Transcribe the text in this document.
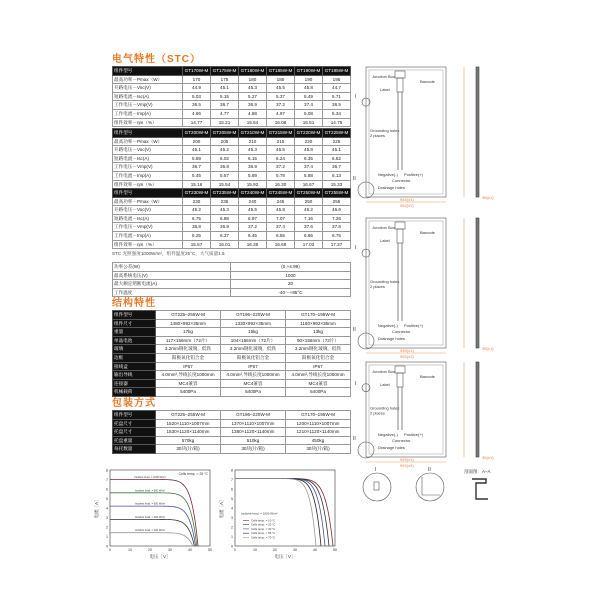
电气特性（STC）
组件型号	GT170W-M	GT175W-M	GT180W-M	GT185W-M	GT190W-M	GT195W-M
最高功率－Pmax（W）	170	175	180	185	190	195
开路电压－Voc(V)	44.9	45.1	45.3	45.5	45.8	44.7
短路电流－Isc(A)	5.03	5.15	5.27	5.37	5.49	5.71
工作电压－Vmp(V)	36.5	36.7	36.9	37.2	37.4	36.5
工作电流－Imp(A)	4.66	4.77	4.88	4.97	5.08	5.34
组件效率－ηm（%）	14.77	15.21	15.64	16.08	16.51	14.75
组件型号	GT200W-M	GT205W-M	GT210W-M	GT215W-M	GT220W-M	GT225W-M
最高功率－Pmax（W）	200	205	210	215	220	225
开路电压－Voc(V)	45.1	45.2	45.3	45.5	45.8	45.1
短路电流－Isc(A)	5.89	6.02	6.15	6.24	6.35	6.62
工作电压－Vmp(V)	36.7	36.8	36.9	37.2	37.4	36.7
工作电流－Imp(A)	5.45	5.57	5.69	5.78	5.88	6.13
组件效率－ηm（%）	15.16	15.54	15.92	16.30	16.67	15.33
组件型号	GT230W-M	GT235W-M	GT240W-M	GT245W-M	GT250W-M	GT255W-M
最高功率－Pmax（W）	230	235	240	245	250	255
开路电压－Voc(V)	45.2	45.3	45.5	45.8	46.2	46.6
短路电流－Isc(A)	6.75	6.88	6.97	7.07	7.16	7.26
工作电压－Vmp(V)	36.8	36.9	37.2	37.4	37.6	37.8
工作电流－Imp(A)	6.25	6.37	6.45	6.55	6.65	6.75
组件效率－ηm（%）	15.67	16.01	16.35	16.69	17.03	17.37
STC 光照强度1000W/m²，组件温度25°C，大气质量1.5
功率公差(W)	(0,+4.99)
最高系统电压(V)	1000
最大额定熔断电流(A)	20
工作温度	-40～+85°C
结构特性
组件型号	GT225–255W-M	GT196–220W-M	GT170–195W-M
组件尺寸	1480×992×35mm	1330×992×35mm	1160×992×35mm
重量	17kg	15kg	13kg
单晶电池	117×156mm（72片）	104×156mm（72片）	90×156mm（72片）
玻璃	3.2mm钢化玻璃，低铁	3.2mm钢化玻璃，低铁	3.2mm钢化玻璃，低铁
边框	阳极氧化铝合金	阳极氧化铝合金	阳极氧化铝合金
接线盒	IP67	IP67	IP67
输出导线	4.0mm²,导线长度1000mm	4.0mm²,导线长度1000mm	4.0mm²,导线长度1000mm
连接器	MC4兼容	MC4兼容	MC4兼容
机械载荷	5400Pa	5400Pa	5400Pa
包装方式
组件型号	GT225–255W-M	GT196–220W-M	GT170–195W-M
托盘尺寸	1520×1110×1007mm	1370×1110×1007mm	1200×1110×1007mm
托盘尺寸	1530×1120×1140mm	1380×1120×1140mm	1210×1120×1140mm
托盘重量	570kg	510kg	450kg
每托数量	30块(片/箱)	30块(片/箱)	30块(片/箱)
0	10	20	30	40	50
0
1
2
3
4
5
6
7
8
电压［V］
电流［A］
Incident Irrad. = 1000 W/m²
Incident Irrad. = 800 W/m²
Incident Irrad. = 600 W/m²
Incident Irrad. = 400 W/m²
Incident Irrad. = 200 W/m²
Cells temp. = 25 °C
0	10	20	30	40	50
0
1
2
3
4
5
6
7
8
电压［V］
电流［A］
Cells temp. = 10 °C
Cells temp. = 25 °C
Cells temp. = 40 °C
Cells temp. = 55 °C
Cells temp. = 70 °C
Incident Irrad. = 1000 W/m²
Junction Box
Label
Barcode
Grounding holes
2 places
Negative(-) Positive(+)
Connector
Drainage holes
I
II
945(±1)
992(±2)
35(±1)
Junction Box
Label
Barcode
Grounding holes
2 places
Negative(-) Positive(+)
Connector
Drainage holes
I
II
945(±1)
992(±2)
35(±1)
Junction Box
Label
Barcode
Grounding holes
2 places
Negative(-) Positive(+)
Connector
Drainage holes
I
II
945(±1)
992(±2)
35(±1)
I	II	剖面图：A–A
